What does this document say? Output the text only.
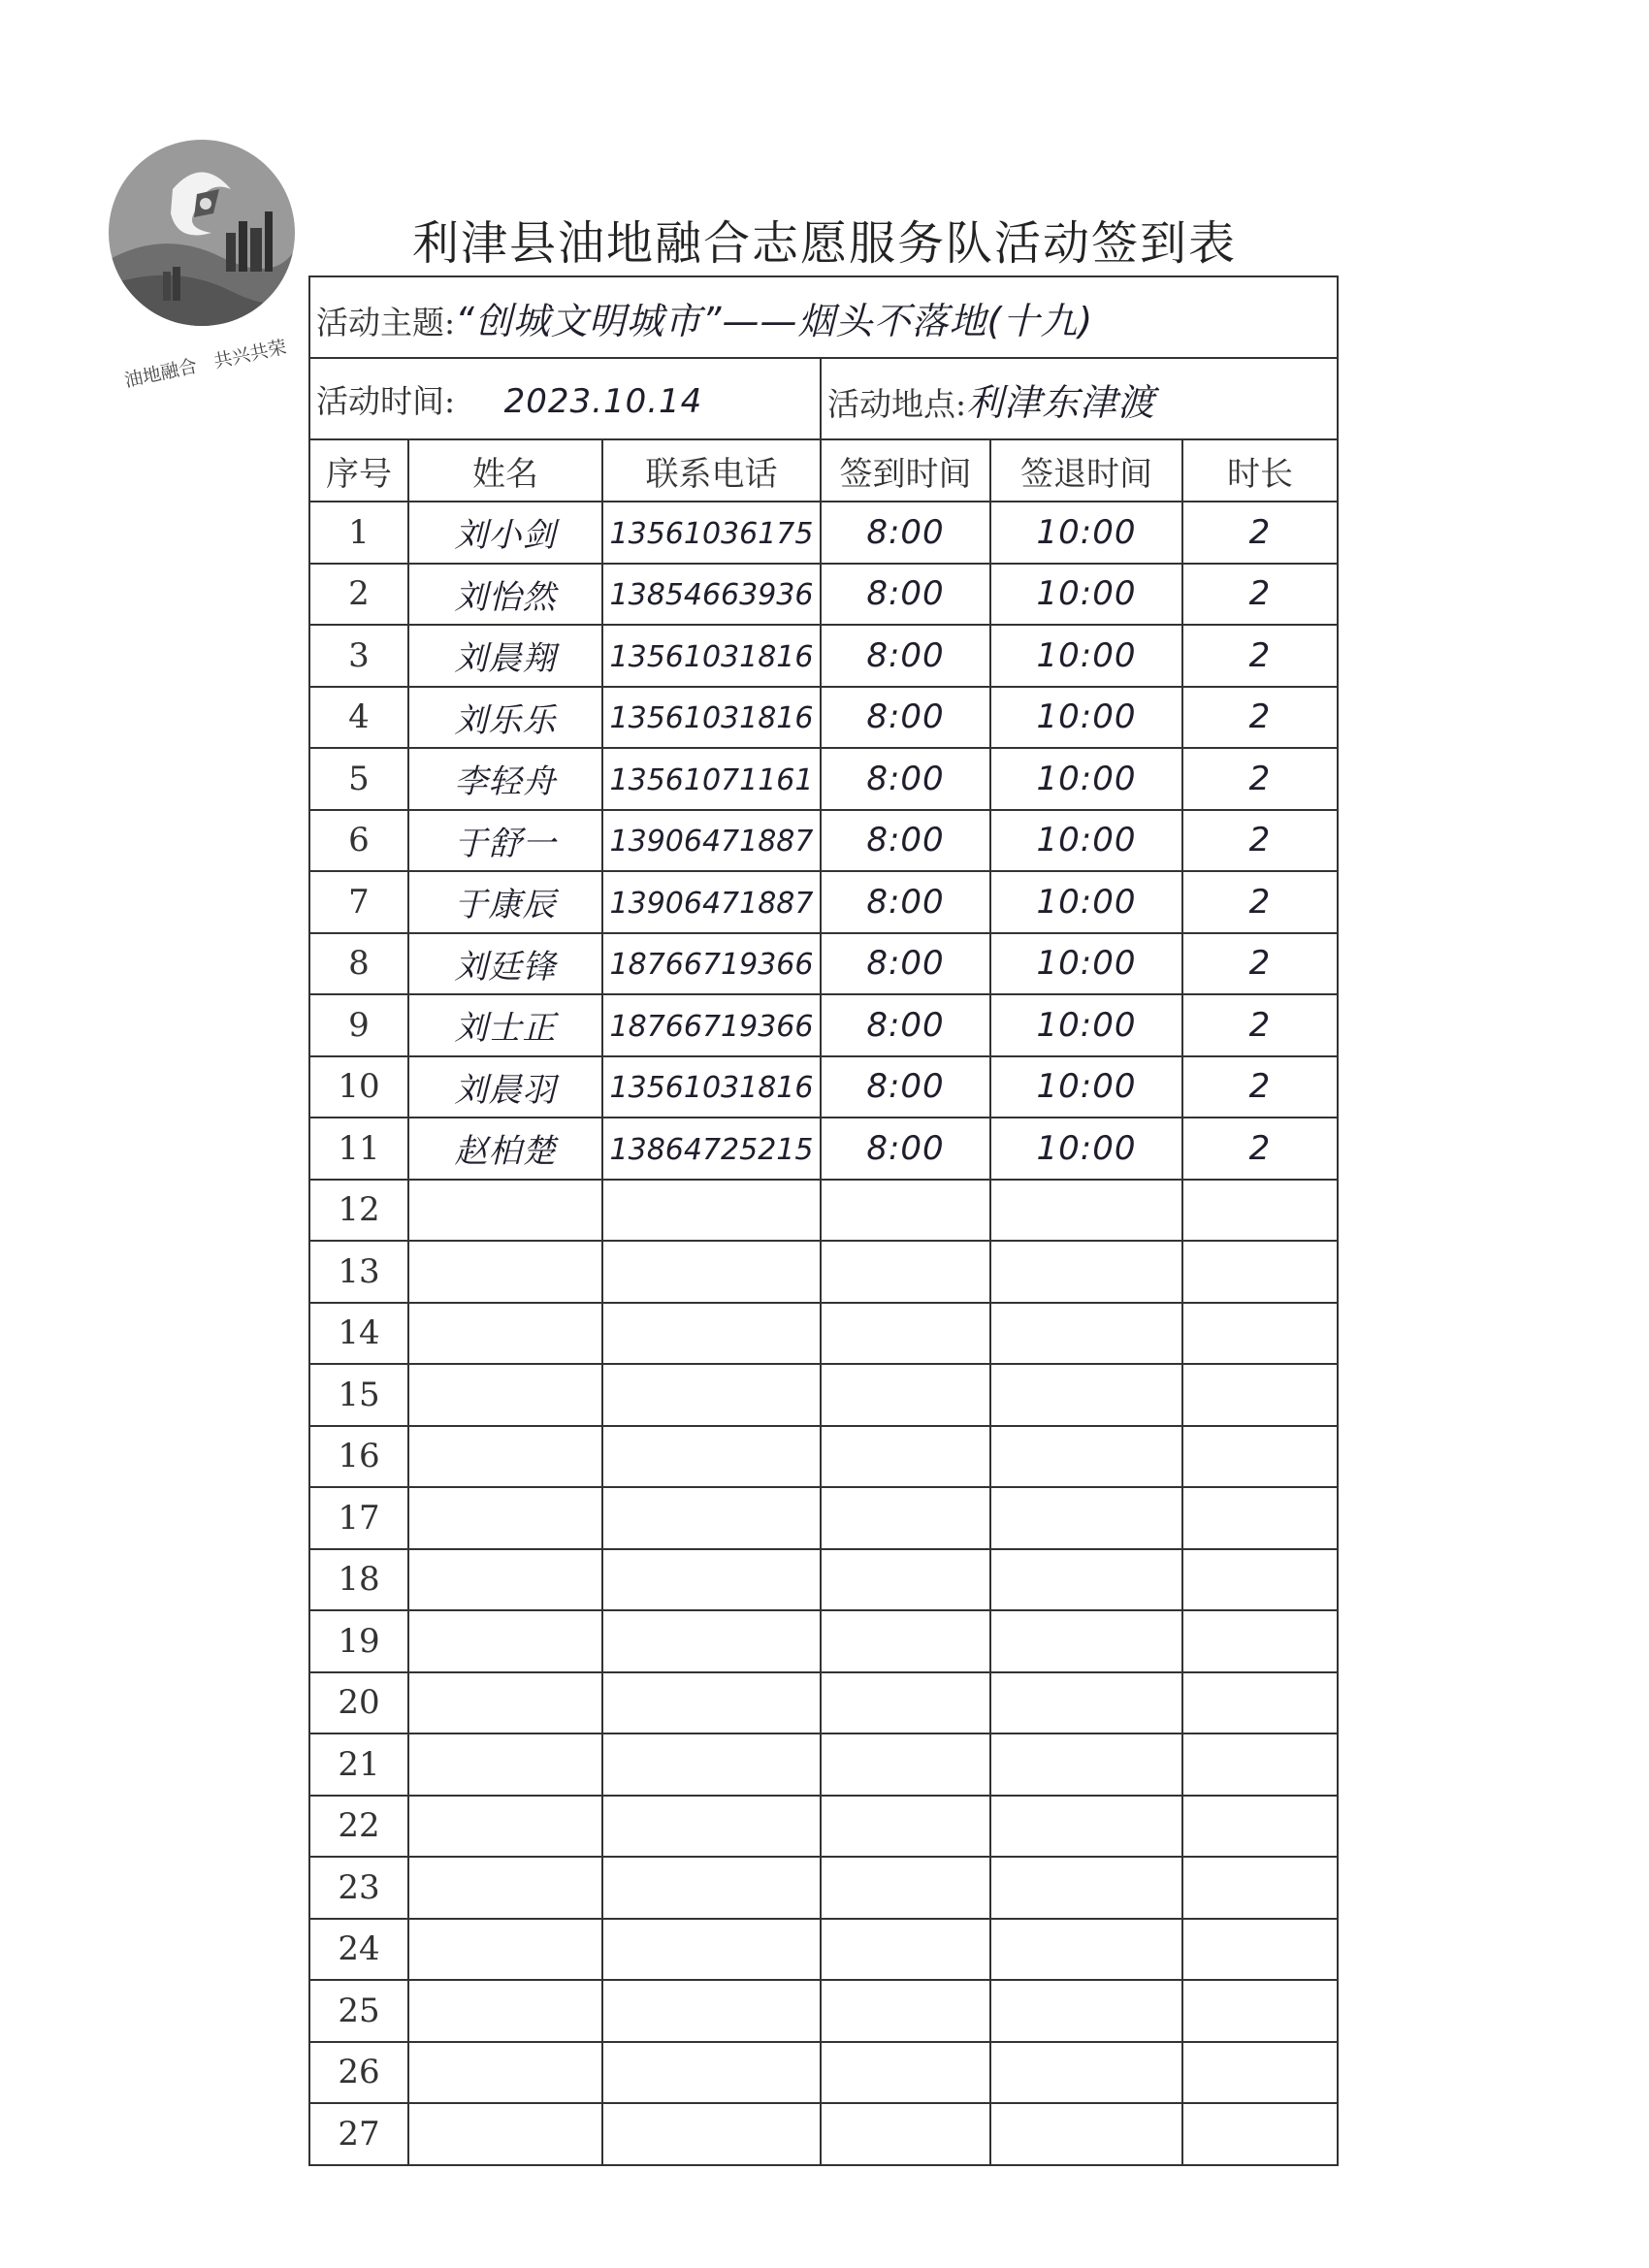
油地融合   共兴共荣

利津县油地融合志愿服务队活动签到表
活动主题:“创城文明城市”——烟头不落地(十九)					
活动时间: 2023.10.14			活动地点:利津东津渡		
序号	姓名	联系电话	签到时间	签退时间	时长
1	刘小剑	13561036175	8:00	10:00	2
2	刘怡然	13854663936	8:00	10:00	2
3	刘晨翔	13561031816	8:00	10:00	2
4	刘乐乐	13561031816	8:00	10:00	2
5	李轻舟	13561071161	8:00	10:00	2
6	于舒一	13906471887	8:00	10:00	2
7	于康辰	13906471887	8:00	10:00	2
8	刘廷锋	18766719366	8:00	10:00	2
9	刘士正	18766719366	8:00	10:00	2
10	刘晨羽	13561031816	8:00	10:00	2
11	赵柏楚	13864725215	8:00	10:00	2
12					
13					
14					
15					
16					
17					
18					
19					
20					
21					
22					
23					
24					
25					
26					
27					
